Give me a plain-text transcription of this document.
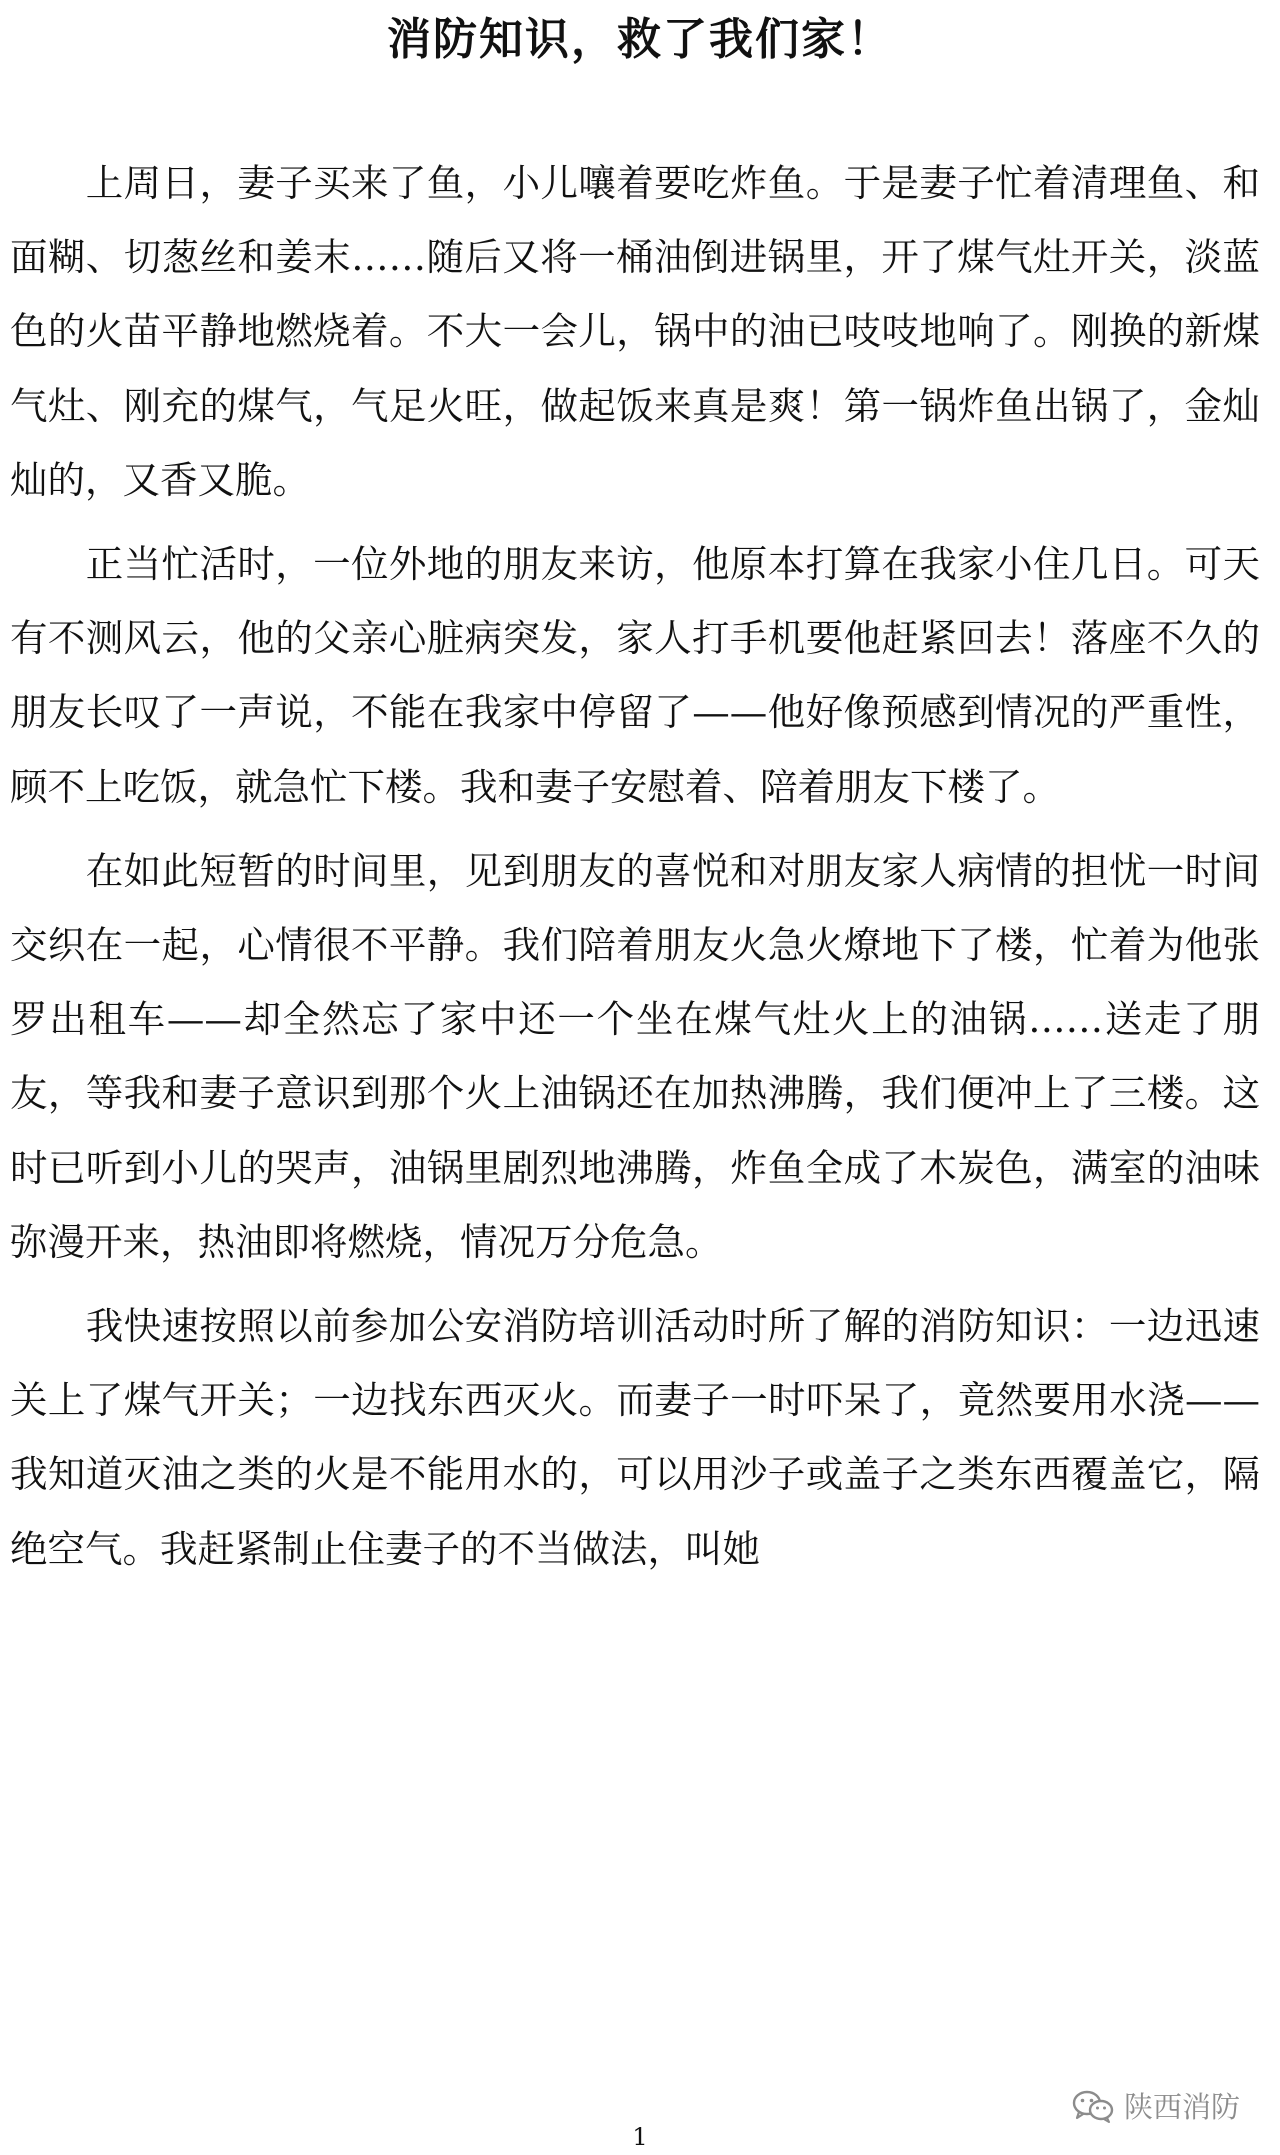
消防知识，救了我们家！

　　上周日，妻子买来了鱼，小儿嚷着要吃炸鱼。于是妻子忙着清理鱼、和面糊、切葱丝和姜末……随后又将一桶油倒进锅里，开了煤气灶开关，淡蓝色的火苗平静地燃烧着。不大一会儿，锅中的油已吱吱地响了。刚换的新煤气灶、刚充的煤气，气足火旺，做起饭来真是爽！第一锅炸鱼出锅了，金灿灿的，又香又脆。

　　正当忙活时，一位外地的朋友来访，他原本打算在我家小住几日。可天有不测风云，他的父亲心脏病突发，家人打手机要他赶紧回去！落座不久的朋友长叹了一声说，不能在我家中停留了——他好像预感到情况的严重性，顾不上吃饭，就急忙下楼。我和妻子安慰着、陪着朋友下楼了。

　　在如此短暂的时间里，见到朋友的喜悦和对朋友家人病情的担忧一时间交织在一起，心情很不平静。我们陪着朋友火急火燎地下了楼，忙着为他张罗出租车——却全然忘了家中还一个坐在煤气灶火上的油锅……送走了朋友，等我和妻子意识到那个火上油锅还在加热沸腾，我们便冲上了三楼。这时已听到小儿的哭声，油锅里剧烈地沸腾，炸鱼全成了木炭色，满室的油味弥漫开来，热油即将燃烧，情况万分危急。

　　我快速按照以前参加公安消防培训活动时所了解的消防知识：一边迅速关上了煤气开关；一边找东西灭火。而妻子一时吓呆了，竟然要用水浇——我知道灭油之类的火是不能用水的，可以用沙子或盖子之类东西覆盖它，隔绝空气。我赶紧制止住妻子的不当做法，叫她

陕西消防
1
